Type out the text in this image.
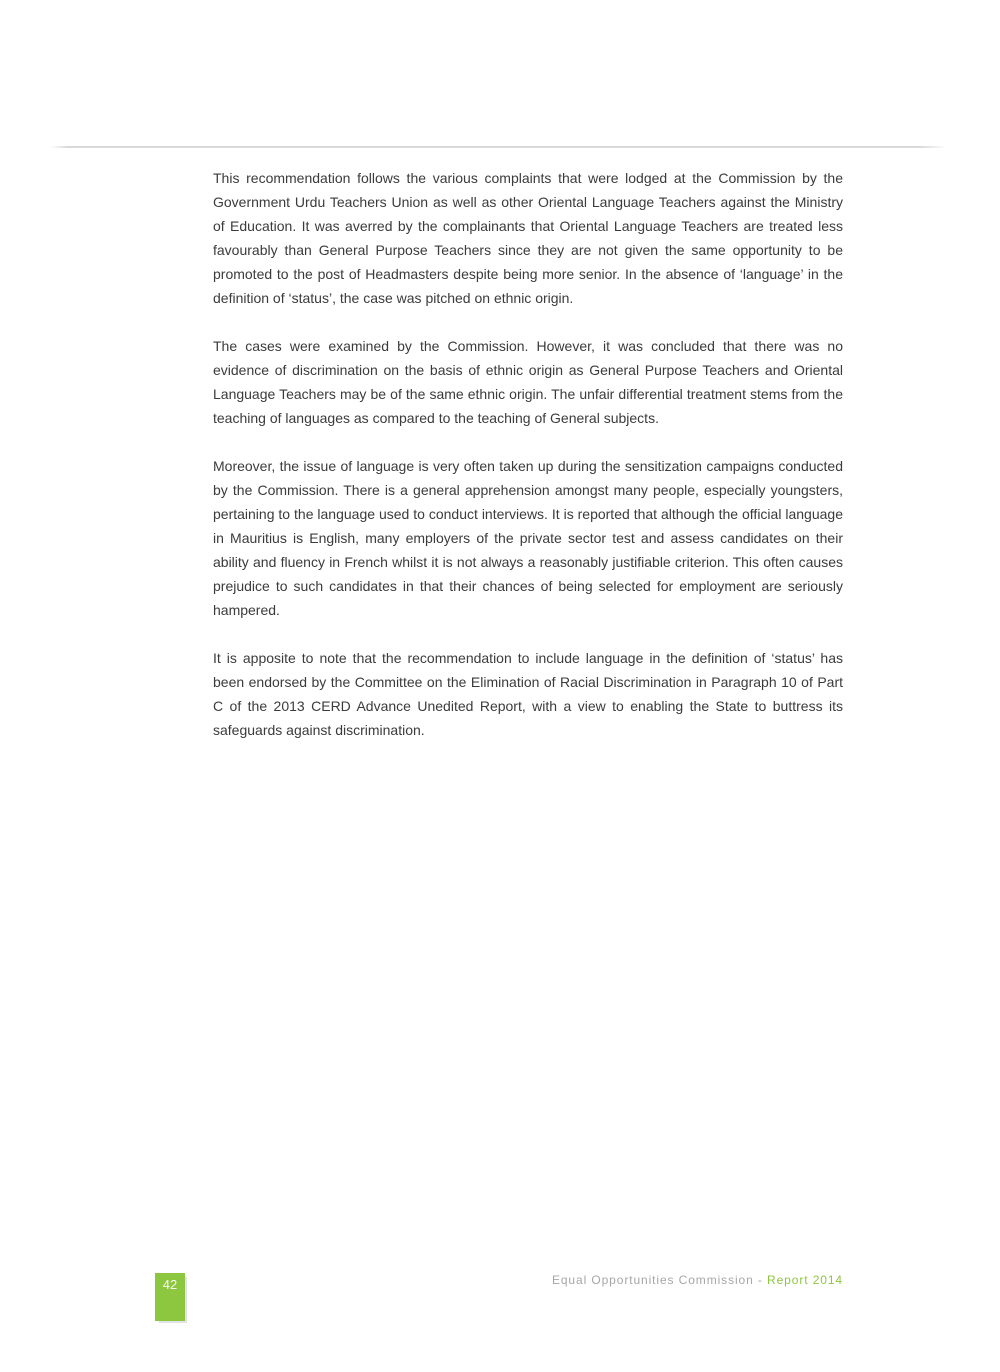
This recommendation follows the various complaints that were lodged at the Commission by the Government Urdu Teachers Union as well as other Oriental Language Teachers against the Ministry of Education. It was averred by the complainants that Oriental Language Teachers are treated less favourably than General Purpose Teachers since they are not given the same opportunity to be promoted to the post of Headmasters despite being more senior. In the absence of ‘language’ in the definition of ‘status’, the case was pitched on ethnic origin.

The cases were examined by the Commission. However, it was concluded that there was no evidence of discrimination on the basis of ethnic origin as General Purpose Teachers and Oriental Language Teachers may be of the same ethnic origin. The unfair differential treatment stems from the teaching of languages as compared to the teaching of General subjects.

Moreover, the issue of language is very often taken up during the sensitization campaigns conducted by the Commission. There is a general apprehension amongst many people, especially youngsters, pertaining to the language used to conduct interviews. It is reported that although the official language in Mauritius is English, many employers of the private sector test and assess candidates on their ability and fluency in French whilst it is not always a reasonably justifiable criterion. This often causes prejudice to such candidates in that their chances of being selected for employment are seriously hampered.

It is apposite to note that the recommendation to include language in the definition of ‘status’ has been endorsed by the Committee on the Elimination of Racial Discrimination in Paragraph 10 of Part C of the 2013 CERD Advance Unedited Report, with a view to enabling the State to buttress its safeguards against discrimination.

42	Equal Opportunities Commission - Report 2014
